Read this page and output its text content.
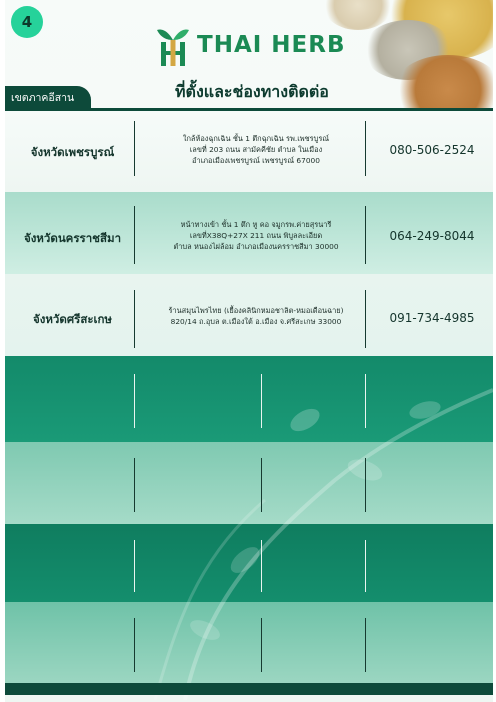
4
THAI HERB
ที่ตั้งและช่องทางติดต่อ
เขตภาคอีสาน
จังหวัดเพชรบูรณ์
ใกล้ห้องฉุกเฉิน ชั้น 1 ตึกฉุกเฉิน รพ.เพชรบูรณ์
เลขที่ 203 ถนน สามัคคีชัย ตำบล ในเมือง
อำเภอเมืองเพชรบูรณ์ เพชรบูรณ์ 67000
080-506-2524
จังหวัดนครราชสีมา
หน้าทางเข้า ชั้น 1 ตึก หู คอ จมูกรพ.ค่ายสุรนารี
เลขที่X38Q+27X 211 ถนน พิบูลละเอียด
ตำบล หนองไผ่ล้อม อำเภอเมืองนครราชสีมา 30000
064-249-8044
จังหวัดศรีสะเกษ
ร้านสมุนไพรไทย (เยื้องคลินิกหมอชาลิต-หมอเดือนฉาย)
820/14 ถ.อุบล ต.เมืองใต้ อ.เมือง จ.ศรีสะเกษ 33000	091-734-4985
